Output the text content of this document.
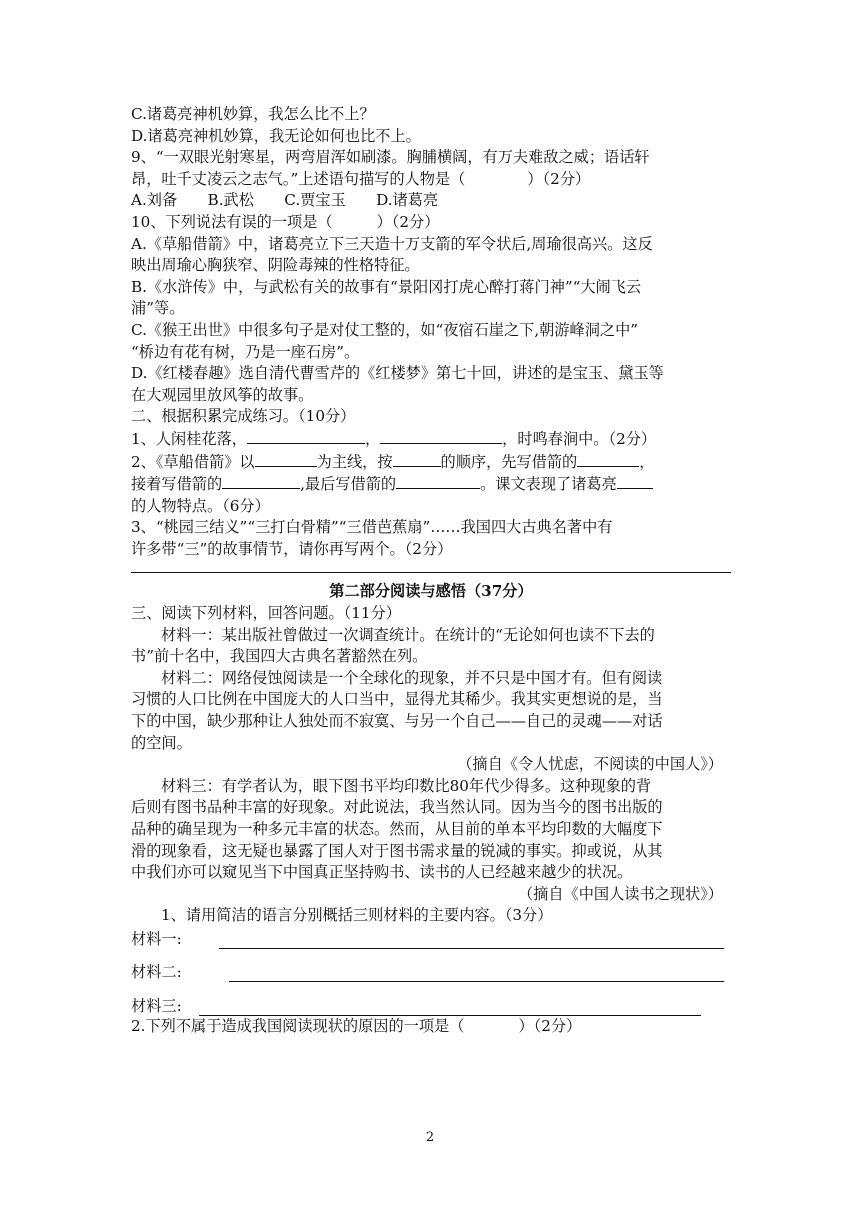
C.诸葛亮神机妙算，我怎么比不上？
D.诸葛亮神机妙算，我无论如何也比不上。
9、“一双眼光射寒星，两弯眉浑如刷漆。胸脯横阔，有万夫难敌之威；语话轩
昂，吐千丈凌云之志气。”上述语句描写的人物是（	）（2分）
A.刘备　　B.武松　　C.贾宝玉　　D.诸葛亮
10、下列说法有误的一项是（	）（2分）
A.《草船借箭》中，诸葛亮立下三天造十万支箭的军令状后,周瑜很高兴。这反
映出周瑜心胸狭窄、阴险毒辣的性格特征。
B.《水浒传》中，与武松有关的故事有“景阳冈打虎心醉打蒋门神”“大闹飞云
浦”等。
C.《猴王出世》中很多句子是对仗工整的，如“夜宿石崖之下,朝游峰洞之中”
“桥边有花有树，乃是一座石房”。
D.《红楼春趣》选自清代曹雪芹的《红楼梦》第七十回，讲述的是宝玉、黛玉等
在大观园里放风筝的故事。
二、根据积累完成练习。（10分）
1、人闲桂花落，	，	，时鸣春涧中。（2分）
2、《草船借箭》以	为主线，按	的顺序，先写借箭的	，
接着写借箭的	,最后写借箭的	。课文表现了诸葛亮
的人物特点。（6分）
3、“桃园三结义”“三打白骨精”“三借芭蕉扇”……我国四大古典名著中有
许多带“三”的故事情节，请你再写两个。（2分）
第二部分阅读与感悟（37分）
三、阅读下列材料，回答问题。（11分）
材料一：某出版社曾做过一次调查统计。在统计的“无论如何也读不下去的
书”前十名中，我国四大古典名著豁然在列。
材料二：网络侵蚀阅读是一个全球化的现象，并不只是中国才有。但有阅读
习惯的人口比例在中国庞大的人口当中，显得尤其稀少。我其实更想说的是，当
下的中国，缺少那种让人独处而不寂寞、与另一个自己——自己的灵魂——对话
的空间。
（摘自《令人忧虑，不阅读的中国人》）
材料三：有学者认为，眼下图书平均印数比80年代少得多。这种现象的背
后则有图书品种丰富的好现象。对此说法，我当然认同。因为当今的图书出版的
品种的确呈现为一种多元丰富的状态。然而，从目前的单本平均印数的大幅度下
滑的现象看，这无疑也暴露了国人对于图书需求量的锐减的事实。抑或说，从其
中我们亦可以窥见当下中国真正坚持购书、读书的人已经越来越少的状况。
（摘自《中国人读书之现状》）
1、请用简洁的语言分别概括三则材料的主要内容。（3分）
材料一:
材料二:
材料三:
2.下列不属于造成我国阅读现状的原因的一项是（	）（2分）
2
